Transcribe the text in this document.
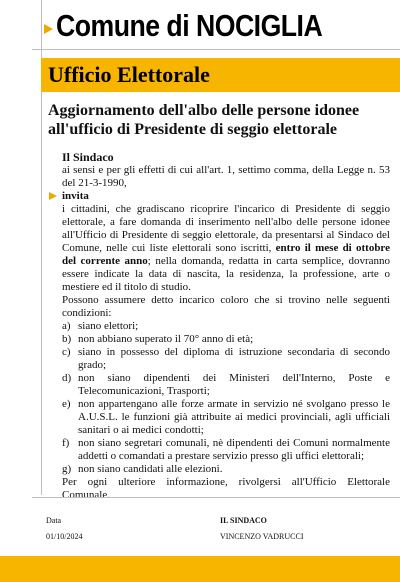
Comune di NOCIGLIA
Ufficio Elettorale
Aggiornamento dell'albo delle persone idonee all'ufficio di Presidente di seggio elettorale

Il Sindaco

ai sensi e per gli effetti di cui all'art. 1, settimo comma, della Legge n. 53 del 21-3-1990,

invita

i cittadini, che gradiscano ricoprire l'incarico di Presidente di seggio elettorale, a fare domanda di inserimento nell'albo delle persone idonee all'Ufficio di Presidente di seggio elettorale, da presentarsi al Sindaco del Comune, nelle cui liste elettorali sono iscritti, entro il mese di ottobre del corrente anno; nella domanda, redatta in carta semplice, dovranno essere indicate la data di nascita, la residenza, la professione, arte o mestiere ed il titolo di studio.

Possono assumere detto incarico coloro che si trovino nelle seguenti condizioni:

a) siano elettori;
b) non abbiano superato il 70° anno di età;
c) siano in possesso del diploma di istruzione secondaria di secondo grado;
d) non siano dipendenti dei Ministeri dell'Interno, Poste e Telecomunicazioni, Trasporti;
e) non appartengano alle forze armate in servizio né svolgano presso le A.U.S.L. le funzioni già attribuite ai medici provinciali, agli ufficiali sanitari o ai medici condotti;
f) non siano segretari comunali, nè dipendenti dei Comuni normalmente addetti o comandati a prestare servizio presso gli uffici elettorali;
g) non siano candidati alle elezioni.

Per ogni ulteriore informazione, rivolgersi all'Ufficio Elettorale Comunale.

Data
01/10/2024
IL SINDACO
VINCENZO VADRUCCI
